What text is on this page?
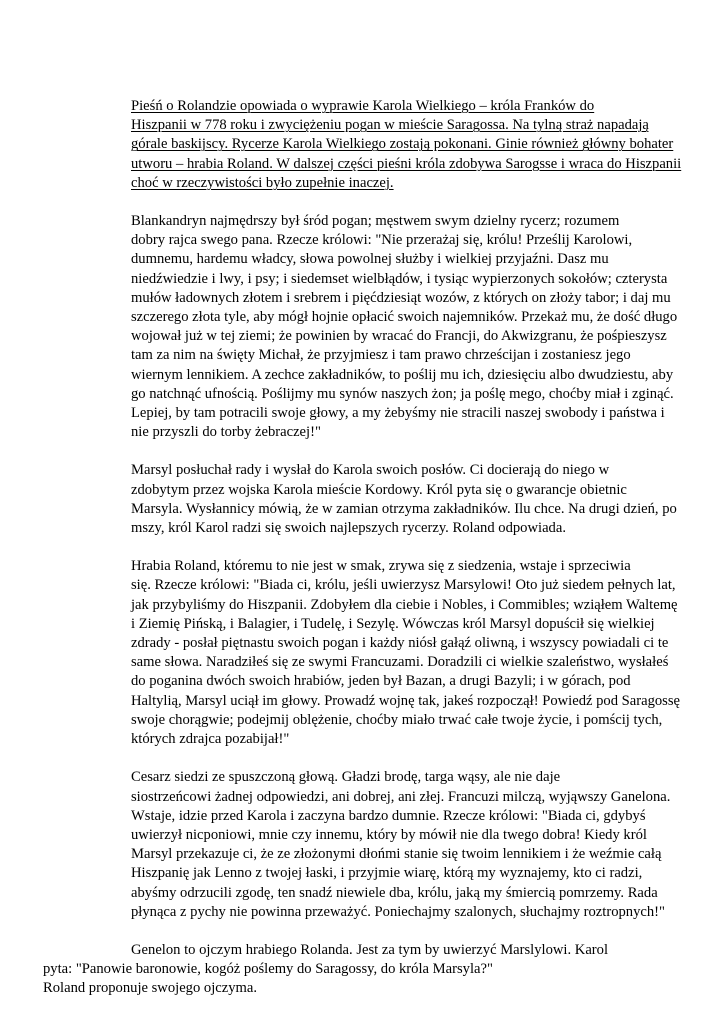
Pieśń o Rolandzie opowiada o wyprawie Karola Wielkiego – króla Franków do
Hiszpanii w 778 roku i zwyciężeniu pogan w mieście Saragossa. Na tylną straż napadają
górale baskijscy. Rycerze Karola Wielkiego zostają pokonani. Ginie również główny bohater
utworu – hrabia Roland. W dalszej części pieśni króla zdobywa Sarogsse i wraca do Hiszpanii
choć w rzeczywistości było zupełnie inaczej.

Blankandryn najmędrszy był śród pogan; męstwem swym dzielny rycerz; rozumem
dobry rajca swego pana. Rzecze królowi: "Nie przerażaj się, królu! Prześlij Karolowi,
dumnemu, hardemu władcy, słowa powolnej służby i wielkiej przyjaźni. Dasz mu
niedźwiedzie i lwy, i psy; i siedemset wielbłądów, i tysiąc wypierzonych sokołów; czterysta
mułów ładownych złotem i srebrem i pięćdziesiąt wozów, z których on złoży tabor; i daj mu
szczerego złota tyle, aby mógł hojnie opłacić swoich najemników. Przekaż mu, że dość długo
wojował już w tej ziemi; że powinien by wracać do Francji, do Akwizgranu, że pośpieszysz
tam za nim na święty Michał, że przyjmiesz i tam prawo chrześcijan i zostaniesz jego
wiernym lennikiem. A zechce zakładników, to poślij mu ich, dziesięciu albo dwudziestu, aby
go natchnąć ufnością. Poślijmy mu synów naszych żon; ja poślę mego, choćby miał i zginąć.
Lepiej, by tam potracili swoje głowy, a my żebyśmy nie stracili naszej swobody i państwa i
nie przyszli do torby żebraczej!"

Marsyl posłuchał rady i wysłał do Karola swoich posłów. Ci docierają do niego w
zdobytym przez wojska Karola mieście Kordowy. Król pyta się o gwarancje obietnic
Marsyla. Wysłannicy mówią, że w zamian otrzyma zakładników. Ilu chce. Na drugi dzień, po
mszy, król Karol radzi się swoich najlepszych rycerzy. Roland odpowiada.

Hrabia Roland, któremu to nie jest w smak, zrywa się z siedzenia, wstaje i sprzeciwia
się. Rzecze królowi: "Biada ci, królu, jeśli uwierzysz Marsylowi! Oto już siedem pełnych lat,
jak przybyliśmy do Hiszpanii. Zdobyłem dla ciebie i Nobles, i Commibles; wziąłem Waltemę
i Ziemię Pińską, i Balagier, i Tudelę, i Sezylę. Wówczas król Marsyl dopuścił się wielkiej
zdrady - posłał piętnastu swoich pogan i każdy niósł gałąź oliwną, i wszyscy powiadali ci te
same słowa. Naradziłeś się ze swymi Francuzami. Doradzili ci wielkie szaleństwo, wysłałeś
do poganina dwóch swoich hrabiów, jeden był Bazan, a drugi Bazyli; i w górach, pod
Haltylią, Marsyl uciął im głowy. Prowadź wojnę tak, jakeś rozpoczął! Powiedź pod Saragossę
swoje chorągwie; podejmij oblężenie, choćby miało trwać całe twoje życie, i pomścij tych,
których zdrajca pozabijał!"

Cesarz siedzi ze spuszczoną głową. Gładzi brodę, targa wąsy, ale nie daje
siostrzeńcowi żadnej odpowiedzi, ani dobrej, ani złej. Francuzi milczą, wyjąwszy Ganelona.
Wstaje, idzie przed Karola i zaczyna bardzo dumnie. Rzecze królowi: "Biada ci, gdybyś
uwierzył nicponiowi, mnie czy innemu, który by mówił nie dla twego dobra! Kiedy król
Marsyl przekazuje ci, że ze złożonymi dłońmi stanie się twoim lennikiem i że weźmie całą
Hiszpanię jak Lenno z twojej łaski, i przyjmie wiarę, którą my wyznajemy, kto ci radzi,
abyśmy odrzucili zgodę, ten snadź niewiele dba, królu, jaką my śmiercią pomrzemy. Rada
płynąca z pychy nie powinna przeważyć. Poniechajmy szalonych, słuchajmy roztropnych!"

Genelon to ojczym hrabiego Rolanda. Jest za tym by uwierzyć Marslylowi. Karol
pyta: "Panowie baronowie, kogóż poślemy do Saragossy, do króla Marsyla?"
Roland proponuje swojego ojczyma.
